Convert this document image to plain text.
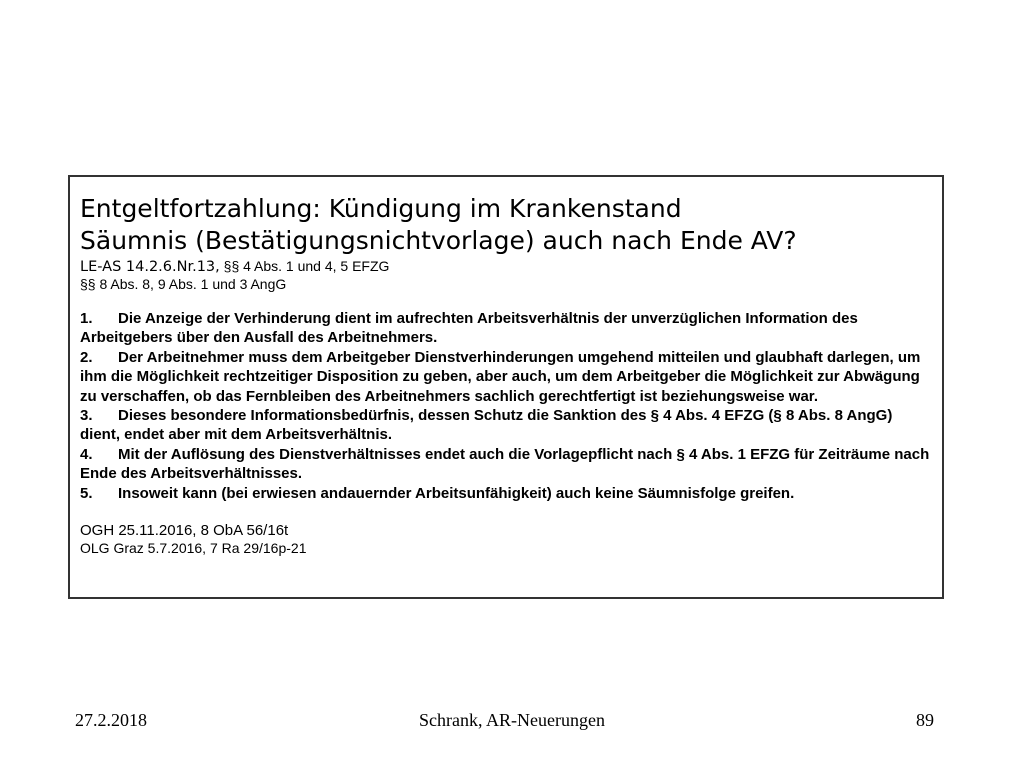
Entgeltfortzahlung: Kündigung im Krankenstand
Säumnis (Bestätigungsnichtvorlage) auch nach Ende AV?
LE-AS 14.2.6.Nr.13, §§ 4 Abs. 1 und 4, 5 EFZG
§§ 8 Abs. 8, 9 Abs. 1 und 3 AngG
1. Die Anzeige der Verhinderung dient im aufrechten Arbeitsverhältnis der unverzüglichen Information des Arbeitgebers über den Ausfall des Arbeitnehmers.
2. Der Arbeitnehmer muss dem Arbeitgeber Dienstverhinderungen umgehend mitteilen und glaubhaft darlegen, um ihm die Möglichkeit rechtzeitiger Disposition zu geben, aber auch, um dem Arbeitgeber die Möglichkeit zur Abwägung zu verschaffen, ob das Fernbleiben des Arbeitnehmers sachlich gerechtfertigt ist beziehungsweise war.
3. Dieses besondere Informationsbedürfnis, dessen Schutz die Sanktion des § 4 Abs. 4 EFZG (§ 8 Abs. 8 AngG) dient, endet aber mit dem Arbeitsverhältnis.
4. Mit der Auflösung des Dienstverhältnisses endet auch die Vorlagepflicht nach § 4 Abs. 1 EFZG für Zeiträume nach Ende des Arbeitsverhältnisses.
5. Insoweit kann (bei erwiesen andauernder Arbeitsunfähigkeit) auch keine Säumnisfolge greifen.
OGH 25.11.2016, 8 ObA 56/16t
OLG Graz 5.7.2016, 7 Ra 29/16p-21
27.2.2018	Schrank, AR-Neuerungen	89
